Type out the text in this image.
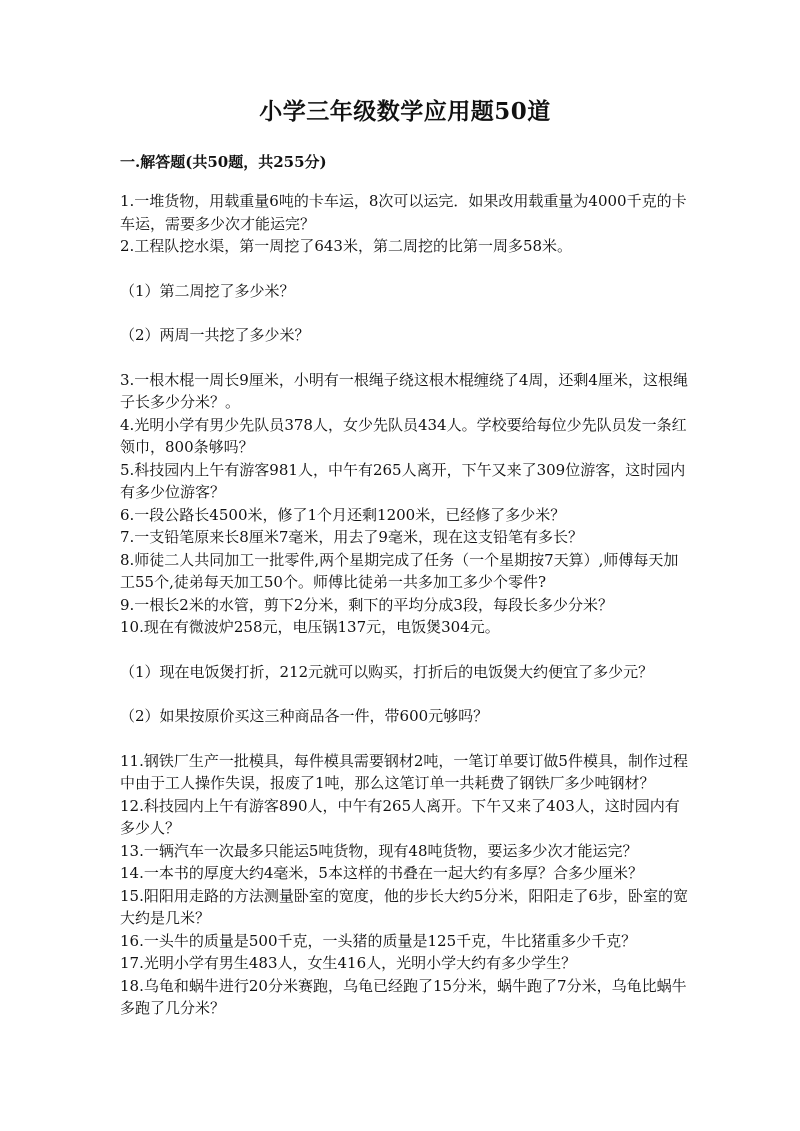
小学三年级数学应用题50道
一.解答题(共50题，共255分)
1.一堆货物，用载重量6吨的卡车运，8次可以运完．如果改用载重量为4000千克的卡车运，需要多少次才能运完？
2.工程队挖水渠，第一周挖了643米，第二周挖的比第一周多58米。
（1）第二周挖了多少米？
（2）两周一共挖了多少米？
3.一根木棍一周长9厘米，小明有一根绳子绕这根木棍缠绕了4周，还剩4厘米，这根绳子长多少分米？。
4.光明小学有男少先队员378人，女少先队员434人。学校要给每位少先队员发一条红领巾，800条够吗？
5.科技园内上午有游客981人，中午有265人离开，下午又来了309位游客，这时园内有多少位游客？
6.一段公路长4500米，修了1个月还剩1200米，已经修了多少米？
7.一支铅笔原来长8厘米7毫米，用去了9毫米，现在这支铅笔有多长？
8.师徒二人共同加工一批零件,两个星期完成了任务（一个星期按7天算）,师傅每天加工55个,徒弟每天加工50个。师傅比徒弟一共多加工多少个零件?
9.一根长2米的水管，剪下2分米，剩下的平均分成3段，每段长多少分米？
10.现在有微波炉258元，电压锅137元，电饭煲304元。
（1）现在电饭煲打折，212元就可以购买，打折后的电饭煲大约便宜了多少元？
（2）如果按原价买这三种商品各一件，带600元够吗？
11.钢铁厂生产一批模具，每件模具需要钢材2吨，一笔订单要订做5件模具，制作过程中由于工人操作失误，报废了1吨，那么这笔订单一共耗费了钢铁厂多少吨钢材？
12.科技园内上午有游客890人，中午有265人离开。下午又来了403人，这时园内有多少人？
13.一辆汽车一次最多只能运5吨货物，现有48吨货物，要运多少次才能运完？
14.一本书的厚度大约4毫米，5本这样的书叠在一起大约有多厚？合多少厘米？
15.阳阳用走路的方法测量卧室的宽度，他的步长大约5分米，阳阳走了6步，卧室的宽大约是几米？
16.一头牛的质量是500千克，一头猪的质量是125千克，牛比猪重多少千克？
17.光明小学有男生483人，女生416人，光明小学大约有多少学生？
18.乌龟和蜗牛进行20分米赛跑，乌龟已经跑了15分米，蜗牛跑了7分米，乌龟比蜗牛多跑了几分米？
